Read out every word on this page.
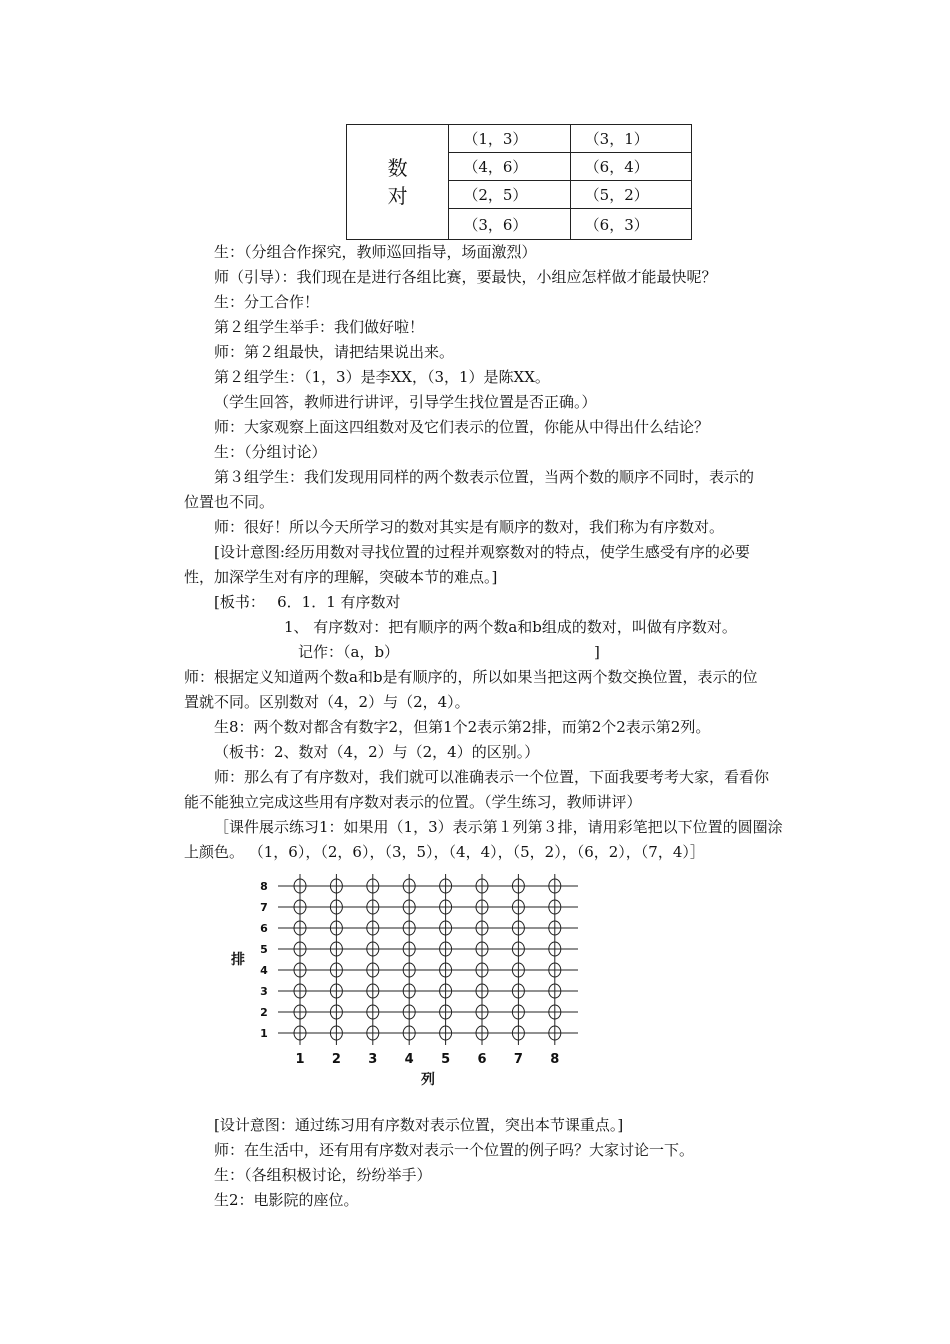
数
对	（1，3）	（3，1）
	（4，6）	（6，4）
	（2，5）	（5，2）
	（3，6）	（6，3）
生：（分组合作探究，教师巡回指导，场面激烈）
师（引导）：我们现在是进行各组比赛，要最快，小组应怎样做才能最快呢？
生：分工合作！
第２组学生举手：我们做好啦！
师：第２组最快，请把结果说出来。
第２组学生：（1，3）是李XX，（3，1）是陈XX。
（学生回答，教师进行讲评，引导学生找位置是否正确。）
师：大家观察上面这四组数对及它们表示的位置，你能从中得出什么结论？
生：（分组讨论）
第３组学生：我们发现用同样的两个数表示位置，当两个数的顺序不同时，表示的
位置也不同。
师：很好！所以今天所学习的数对其实是有顺序的数对，我们称为有序数对。
[设计意图:经历用数对寻找位置的过程并观察数对的特点，使学生感受有序的必要
性，加深学生对有序的理解，突破本节的难点。]
[板书：　 6．1．1 有序数对
1、 有序数对：把有顺序的两个数a和b组成的数对，叫做有序数对。
记作：（a，b）	]
师：根据定义知道两个数a和b是有顺序的，所以如果当把这两个数交换位置，表示的位
置就不同。区别数对（4，2）与（2，4）。
生8：两个数对都含有数字2，但第1个2表示第2排，而第2个2表示第2列。
（板书：2、数对（4，2）与（2，4）的区别。）
师：那么有了有序数对，我们就可以准确表示一个位置，下面我要考考大家，看看你
能不能独立完成这些用有序数对表示的位置。（学生练习，教师讲评）
［课件展示练习1：如果用（1，3）表示第１列第３排，请用彩笔把以下位置的圆圈涂
上颜色。 （1，6），（2，6），（3，5），（4，4），（5，2），（6，2），（7，4）］
1
2
3
4
5
6
7
8
1 2 3 4 5 6 7 8
排
列
[设计意图：通过练习用有序数对表示位置，突出本节课重点。]
师：在生活中，还有用有序数对表示一个位置的例子吗？大家讨论一下。
生：（各组积极讨论，纷纷举手）
生2：电影院的座位。
